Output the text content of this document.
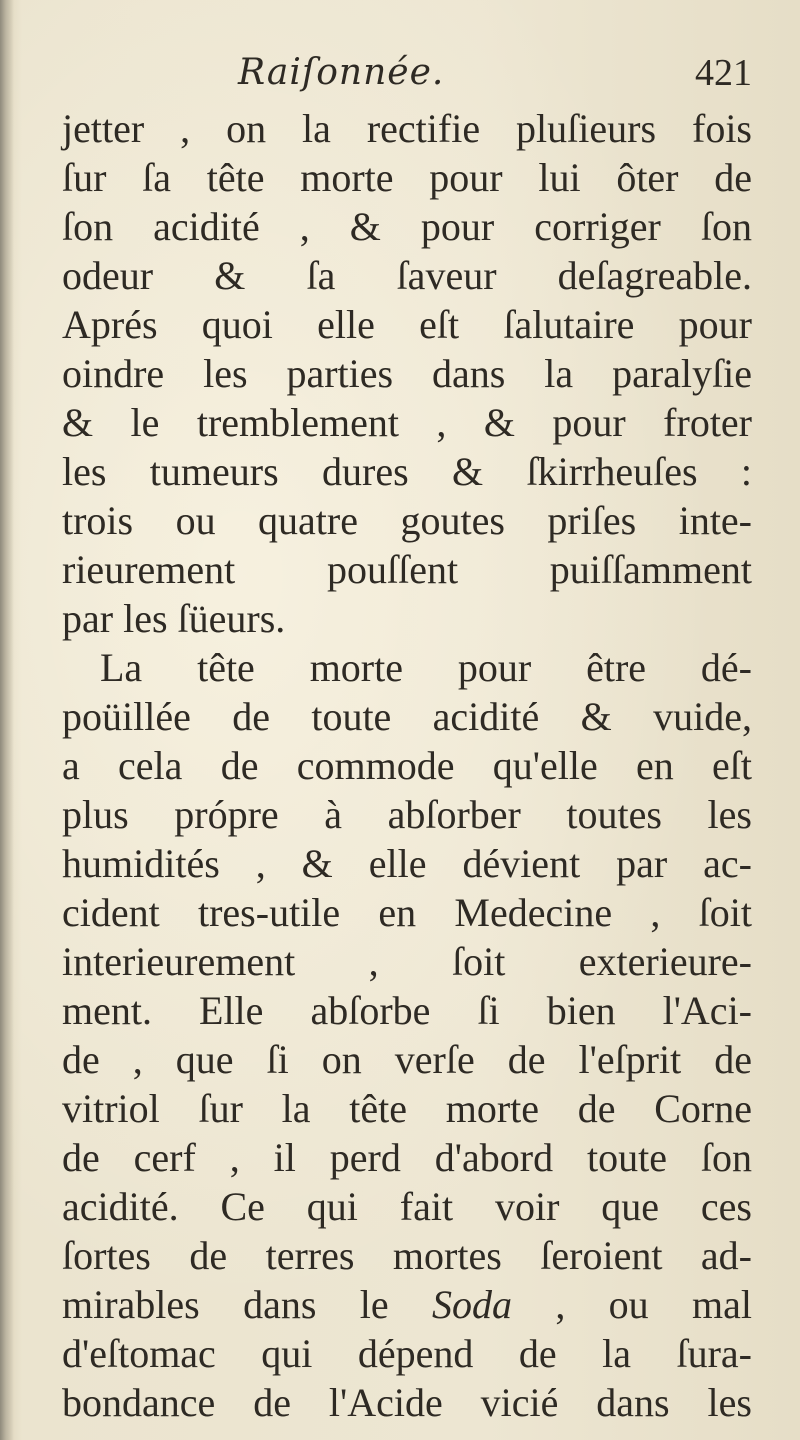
Raiſonnée.	421
jetter , on la rectifie pluſieurs fois
ſur ſa tête morte pour lui ôter de
ſon acidité , & pour corriger ſon
odeur & ſa ſaveur deſagreable.
Aprés quoi elle eſt ſalutaire pour
oindre les parties dans la paralyſie
& le tremblement , & pour froter
les tumeurs dures & ſkirrheuſes :
trois ou quatre goutes priſes inte-
rieurement pouſſent puiſſamment
par les ſüeurs.
La tête morte pour être dé-
poüillée de toute acidité & vuide,
a cela de commode qu'elle en eſt
plus própre à abſorber toutes les
humidités , & elle dévient par ac-
cident tres-utile en Medecine , ſoit
interieurement , ſoit exterieure-
ment. Elle abſorbe ſi bien l'Aci-
de , que ſi on verſe de l'eſprit de
vitriol ſur la tête morte de Corne
de cerf , il perd d'abord toute ſon
acidité. Ce qui fait voir que ces
ſortes de terres mortes ſeroient ad-
mirables dans le Soda , ou mal
d'eſtomac qui dépend de la ſura-
bondance de l'Acide vicié dans les
